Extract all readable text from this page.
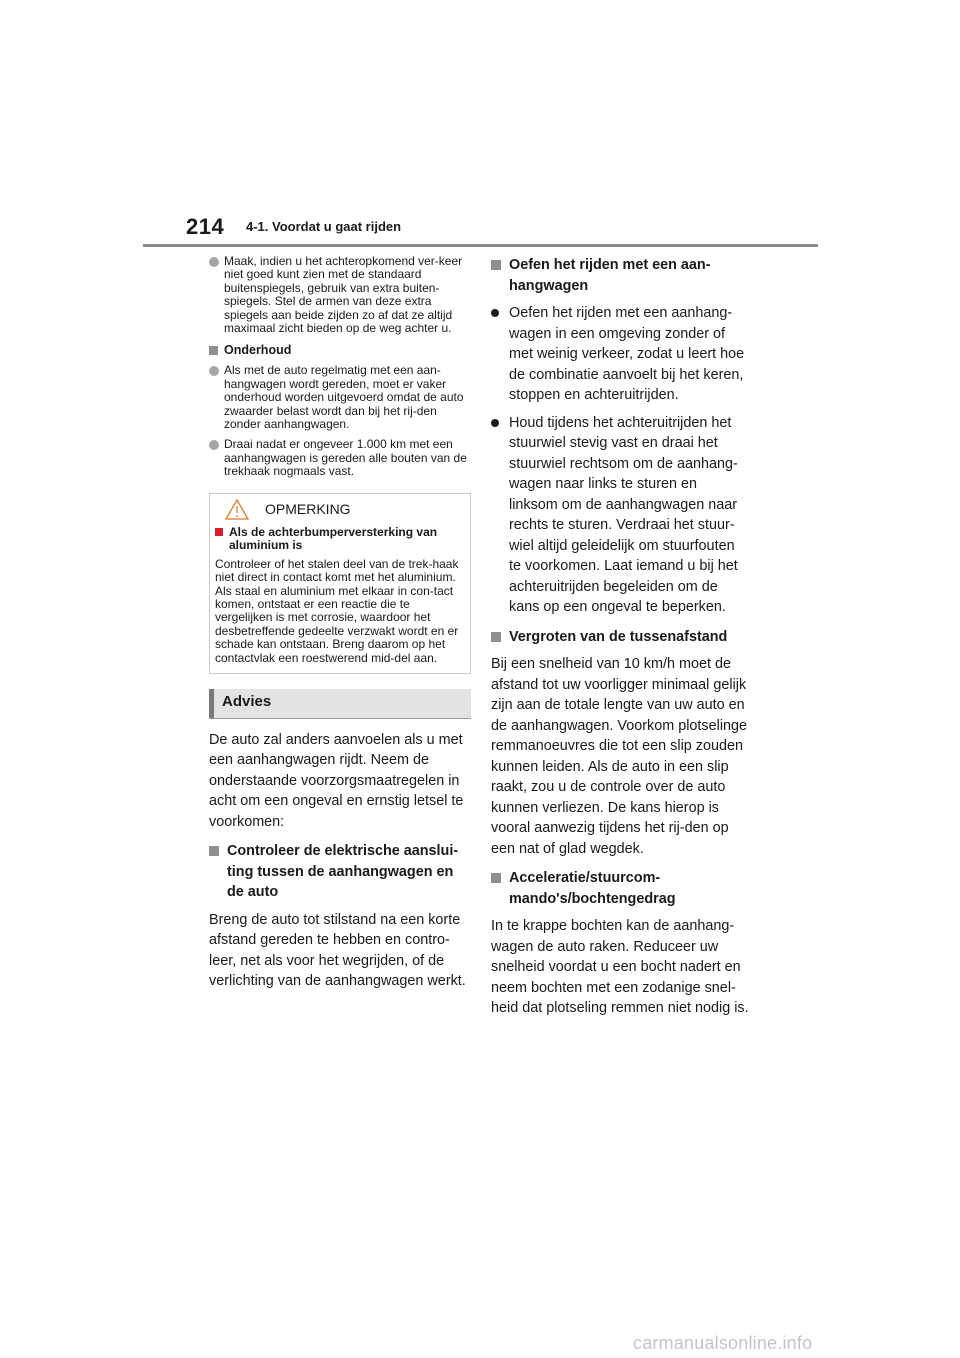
214 4-1. Voordat u gaat rijden
Maak, indien u het achteropkomend ver-keer niet goed kunt zien met de standaard buitenspiegels, gebruik van extra buiten-spiegels. Stel de armen van deze extra spiegels aan beide zijden zo af dat ze altijd maximaal zicht bieden op de weg achter u.
Onderhoud
Als met de auto regelmatig met een aan-hangwagen wordt gereden, moet er vaker onderhoud worden uitgevoerd omdat de auto zwaarder belast wordt dan bij het rij-den zonder aanhangwagen.
Draai nadat er ongeveer 1.000 km met een aanhangwagen is gereden alle bouten van de trekhaak nogmaals vast.
OPMERKING
Als de achterbumperversterking van aluminium is
Controleer of het stalen deel van de trek-haak niet direct in contact komt met het aluminium. Als staal en aluminium met elkaar in con-tact komen, ontstaat er een reactie die te vergelijken is met corrosie, waardoor het desbetreffende gedeelte verzwakt wordt en er schade kan ontstaan. Breng daarom op het contactvlak een roestwerend mid-del aan.
Advies
De auto zal anders aanvoelen als u met een aanhangwagen rijdt. Neem de onderstaande voorzorgsmaatregelen in acht om een ongeval en ernstig letsel te voorkomen:
Controleer de elektrische aanslui-ting tussen de aanhangwagen en de auto
Breng de auto tot stilstand na een korte afstand gereden te hebben en contro-leer, net als voor het wegrijden, of de verlichting van de aanhangwagen werkt.
Oefen het rijden met een aan-hangwagen
Oefen het rijden met een aanhang-wagen in een omgeving zonder of met weinig verkeer, zodat u leert hoe de combinatie aanvoelt bij het keren, stoppen en achteruitrijden.
Houd tijdens het achteruitrijden het stuurwiel stevig vast en draai het stuurwiel rechtsom om de aanhang-wagen naar links te sturen en linksom om de aanhangwagen naar rechts te sturen. Verdraai het stuur-wiel altijd geleidelijk om stuurfouten te voorkomen. Laat iemand u bij het achteruitrijden begeleiden om de kans op een ongeval te beperken.
Vergroten van de tussenafstand
Bij een snelheid van 10 km/h moet de afstand tot uw voorligger minimaal gelijk zijn aan de totale lengte van uw auto en de aanhangwagen. Voorkom plotselinge remmanoeuvres die tot een slip zouden kunnen leiden. Als de auto in een slip raakt, zou u de controle over de auto kunnen verliezen. De kans hierop is vooral aanwezig tijdens het rij-den op een nat of glad wegdek.
Acceleratie/stuurcom-mando's/bochtengedrag
In te krappe bochten kan de aanhang-wagen de auto raken. Reduceer uw snelheid voordat u een bocht nadert en neem bochten met een zodanige snel-heid dat plotseling remmen niet nodig is.
carmanualsonline.info
